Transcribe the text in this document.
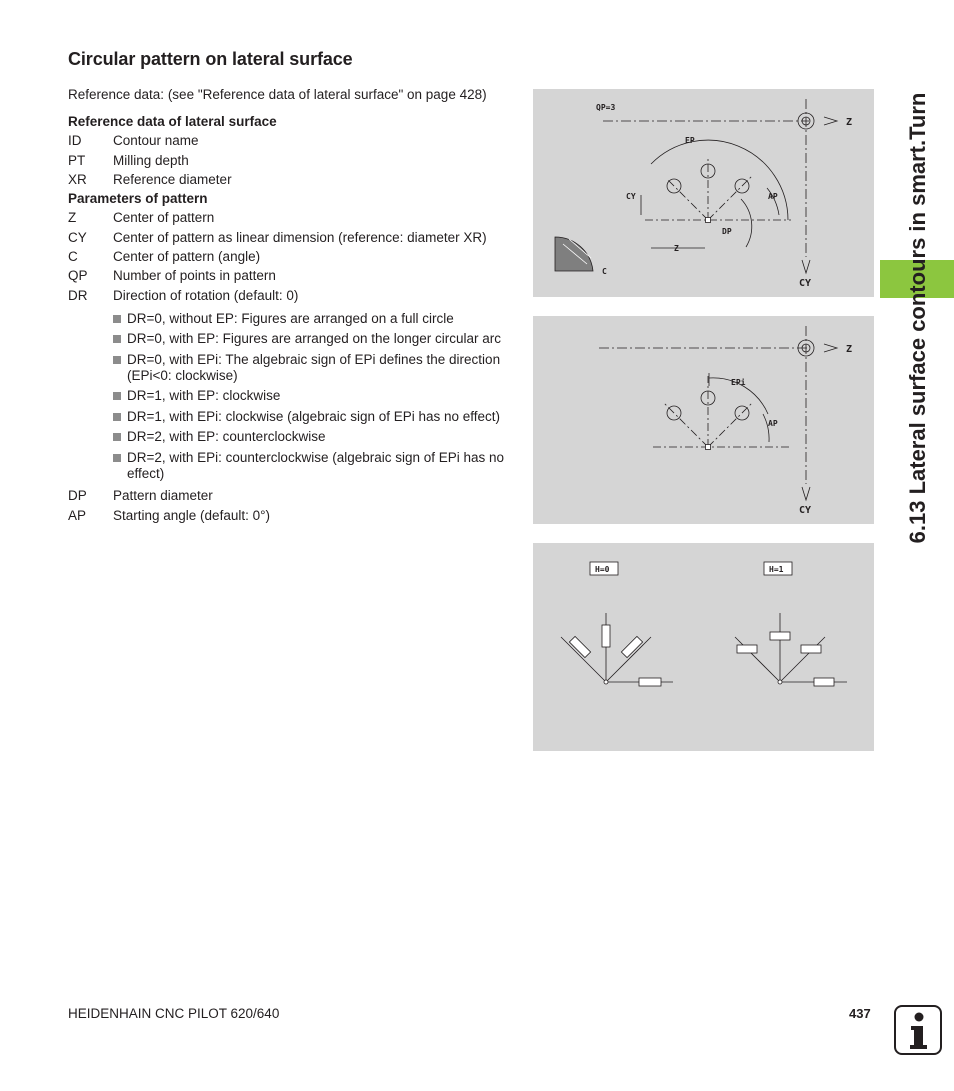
Circular pattern on lateral surface
Reference data: (see "Reference data of lateral surface" on page 428)
Reference data of lateral surface
ID	Contour name
PT	Milling depth
XR	Reference diameter
Parameters of pattern
Z	Center of pattern
CY	Center of pattern as linear dimension (reference: diameter XR)
C	Center of pattern (angle)
QP	Number of points in pattern
DR	Direction of rotation (default: 0)
DR=0, without EP: Figures are arranged on a full circle
DR=0, with EP: Figures are arranged on the longer circular arc
DR=0, with EPi: The algebraic sign of EPi defines the direction (EPi<0: clockwise)
DR=1, with EP: clockwise
DR=1, with EPi: clockwise (algebraic sign of EPi has no effect)
DR=2, with EP: counterclockwise
DR=2, with EPi: counterclockwise (algebraic sign of EPi has no effect)
DP	Pattern diameter
AP	Starting angle (default: 0°)
QP=3
EP
CY	AP
DP
Z
C
Z
CY
EPi
AP
Z
CY
H=0	H=1
6.13 Lateral surface contours in smart.Turn
HEIDENHAIN CNC PILOT 620/640	437
